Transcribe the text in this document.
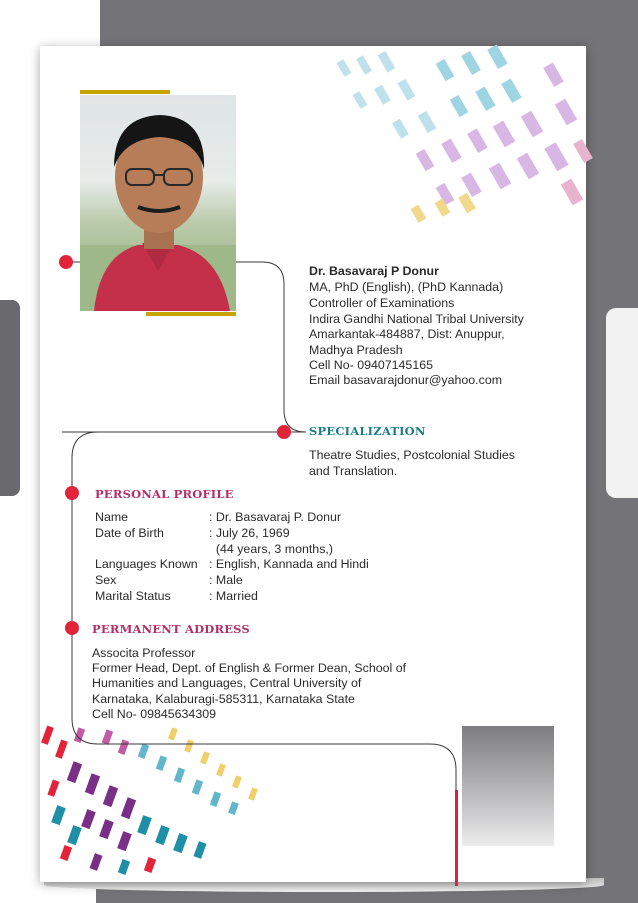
Dr. Basavaraj P Donur
MA, PhD (English), (PhD Kannada)
Controller of Examinations
Indira Gandhi National Tribal University
Amarkantak-484887, Dist: Anuppur,
Madhya Pradesh
Cell No- 09407145165
Email basavarajdonur@yahoo.com
SPECIALIZATION
Theatre Studies, Postcolonial Studies
and Translation.
PERSONAL PROFILE
Name	: Dr. Basavaraj P. Donur
Date of Birth	: July 26, 1969
(44 years, 3 months,)
Languages Known : English, Kannada and Hindi
Sex	: Male
Marital Status	: Married
PERMANENT ADDRESS
Associta Professor
Former Head, Dept. of English & Former Dean, School of
Humanities and Languages, Central University of
Karnataka, Kalaburagi-585311, Karnataka State
Cell No- 09845634309
